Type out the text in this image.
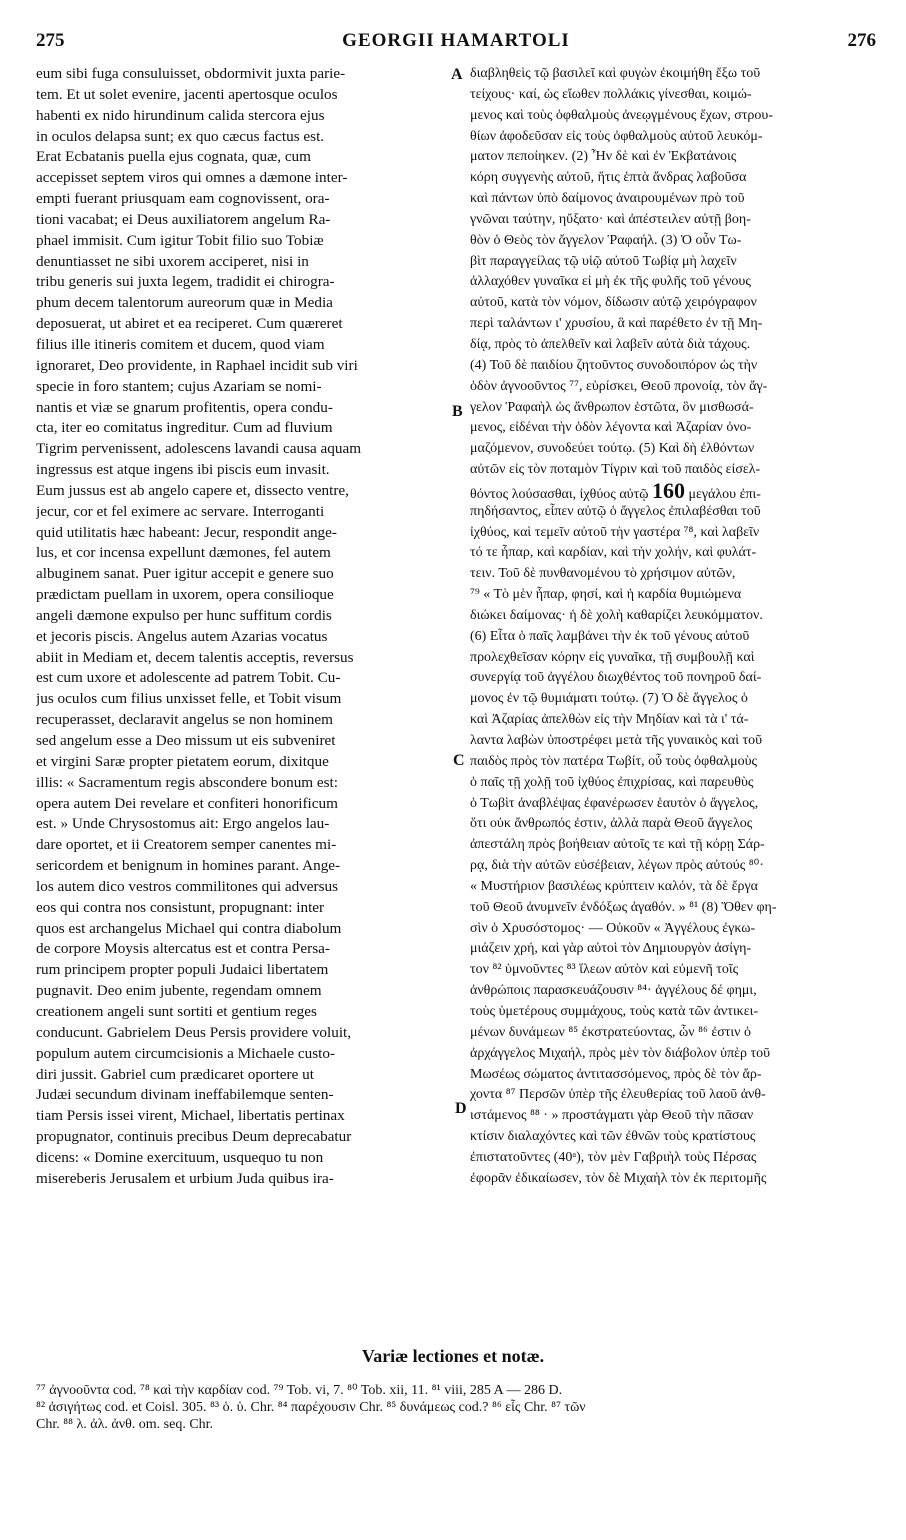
275	GEORGII HAMARTOLI	276
eum sibi fuga consuluisset, obdormivit juxta parie-
tem. Et ut solet evenire, jacenti apertosque oculos
habenti ex nido hirundinum calida stercora ejus
in oculos delapsa sunt; ex quo cæcus factus est.
Erat Ecbatanis puella ejus cognata, quæ, cum
accepisset septem viros qui omnes a dæmone inter-
empti fuerant priusquam eam cognovissent, ora-
tioni vacabat; ei Deus auxiliatorem angelum Ra-
phael immisit. Cum igitur Tobit filio suo Tobiæ
denuntiasset ne sibi uxorem acciperet, nisi in
tribu generis sui juxta legem, tradidit ei chirogra-
phum decem talentorum aureorum quæ in Media
deposuerat, ut abiret et ea reciperet. Cum quæreret
filius ille itineris comitem et ducem, quod viam
ignoraret, Deo providente, in Raphael incidit sub viri
specie in foro stantem; cujus Azariam se nomi-
nantis et viæ se gnarum profitentis, opera condu-
cta, iter eo comitatus ingreditur. Cum ad fluvium
Tigrim pervenissent, adolescens lavandi causa aquam
ingressus est atque ingens ibi piscis eum invasit.
Eum jussus est ab angelo capere et, dissecto ventre,
jecur, cor et fel eximere ac servare. Interroganti
quid utilitatis hæc habeant: Jecur, respondit ange-
lus, et cor incensa expellunt dæmones, fel autem
albuginem sanat. Puer igitur accepit e genere suo
prædictam puellam in uxorem, opera consilioque
angeli dæmone expulso per hunc suffitum cordis
et jecoris piscis. Angelus autem Azarias vocatus
abiit in Mediam et, decem talentis acceptis, reversus
est cum uxore et adolescente ad patrem Tobit. Cu-
jus oculos cum filius unxisset felle, et Tobit visum
recuperasset, declaravit angelus se non hominem
sed angelum esse a Deo missum ut eis subveniret
et virgini Saræ propter pietatem eorum, dixitque
illis: « Sacramentum regis abscondere bonum est:
opera autem Dei revelare et confiteri honorificum
est. » Unde Chrysostomus ait: Ergo angelos lau-
dare oportet, et ii Creatorem semper canentes mi-
sericordem et benignum in homines parant. Ange-
los autem dico vestros commilitones qui adversus
eos qui contra nos consistunt, propugnant: inter
quos est archangelus Michael qui contra diabolum
de corpore Moysis altercatus est et contra Persa-
rum principem propter populi Judaici libertatem
pugnavit. Deo enim jubente, regendam omnem
creationem angeli sunt sortiti et gentium reges
conducunt. Gabrielem Deus Persis providere voluit,
populum autem circumcisionis a Michaele custo-
diri jussit. Gabriel cum prædicaret oportere ut
Judæi secundum divinam ineffabilemque senten-
tiam Persis issei virent, Michael, libertatis pertinax
propugnator, continuis precibus Deum deprecabatur
dicens: « Domine exercituum, usquequo tu non
misereberis Jerusalem et urbium Juda quibus ira-
διαβληθεὶς τῷ βασιλεῖ καὶ φυγὼν ἐκοιμήθη ἔξω τοῦ
τείχους· καί, ὡς εἴωθεν πολλάκις γίνεσθαι, κοιμώ-
μενος καὶ τοὺς ὀφθαλμοὺς ἀνεῳγμένους ἔχων, στρου-
θίων ἀφοδεῦσαν εἰς τοὺς ὀφθαλμοὺς αὐτοῦ λευκόμ-
ματον πεποίηκεν. (2) Ἦν δὲ καὶ ἐν Ἐκβατάνοις
κόρη συγγενὴς αὐτοῦ, ἥτις ἑπτὰ ἄνδρας λαβοῦσα
καὶ πάντων ὑπὸ δαίμονος ἀναιρουμένων πρὸ τοῦ
γνῶναι ταύτην, ηὔξατο· καὶ ἀπέστειλεν αὐτῇ βοη-
θὸν ὁ Θεὸς τὸν ἄγγελον Ῥαφαήλ. (3) Ὁ οὖν Τω-
βὶτ παραγγείλας τῷ υἱῷ αὐτοῦ Τωβίᾳ μὴ λαχεῖν
ἀλλαχόθεν γυναῖκα εἰ μὴ ἐκ τῆς φυλῆς τοῦ γένους
αὐτοῦ, κατὰ τὸν νόμον, δίδωσιν αὐτῷ χειρόγραφον
περὶ ταλάντων ι' χρυσίου, ἃ καὶ παρέθετο ἐν τῇ Μη-
δίᾳ, πρὸς τὸ ἀπελθεῖν καὶ λαβεῖν αὐτὰ διὰ τάχους.
(4) Τοῦ δὲ παιδίου ζητοῦντος συνοδοιπόρον ὡς τὴν
ὁδὸν ἀγνοοῦντος ⁷⁷, εὑρίσκει, Θεοῦ προνοίᾳ, τὸν ἄγ-
γελον Ῥαφαὴλ ὡς ἄνθρωπον ἑστῶτα, ὃν μισθωσά-
μενος, εἰδέναι τὴν ὁδὸν λέγοντα καὶ Ἀζαρίαν ὀνο-
μαζόμενον, συνοδεύει τούτῳ. (5) Καὶ δὴ ἐλθόντων
αὐτῶν εἰς τὸν ποταμὸν Τίγριν καὶ τοῦ παιδὸς εἰσελ-
θόντος λούσασθαι, ἰχθύος αὐτῷ 160 μεγάλου ἐπι-
πηδήσαντος, εἶπεν αὐτῷ ὁ ἄγγελος ἐπιλαβέσθαι τοῦ
ἰχθύος, καὶ τεμεῖν αὐτοῦ τὴν γαστέρα ⁷⁸, καὶ λαβεῖν
τό τε ἧπαρ, καὶ καρδίαν, καὶ τὴν χολήν, καὶ φυλάτ-
τειν. Τοῦ δὲ πυνθανομένου τὸ χρήσιμον αὐτῶν,
⁷⁹ « Τὸ μὲν ἧπαρ, φησί, καὶ ἡ καρδία θυμιώμενα
διώκει δαίμονας· ἡ δὲ χολὴ καθαρίζει λευκόμματον.
(6) Εἶτα ὁ παῖς λαμβάνει τὴν ἐκ τοῦ γένους αὐτοῦ
προλεχθεῖσαν κόρην εἰς γυναῖκα, τῇ συμβουλῇ καὶ
συνεργίᾳ τοῦ ἀγγέλου διωχθέντος τοῦ πονηροῦ δαί-
μονος ἐν τῷ θυμιάματι τούτῳ. (7) Ὁ δὲ ἄγγελος ὁ
καὶ Ἀζαρίας ἀπελθὼν εἰς τὴν Μηδίαν καὶ τὰ ι' τά-
λαντα λαβὼν ὑποστρέφει μετὰ τῆς γυναικὸς καὶ τοῦ
παιδὸς πρὸς τὸν πατέρα Τωβίτ, οὗ τοὺς ὀφθαλμοὺς
ὁ παῖς τῇ χολῇ τοῦ ἰχθύος ἐπιχρίσας, καὶ παρευθὺς
ὁ Τωβὶτ ἀναβλέψας ἐφανέρωσεν ἑαυτὸν ὁ ἄγγελος,
ὅτι οὐκ ἄνθρωπός ἐστιν, ἀλλὰ παρὰ Θεοῦ ἄγγελος
ἀπεστάλη πρὸς βοήθειαν αὐτοῖς τε καὶ τῇ κόρῃ Σάρ-
ρᾳ, διὰ τὴν αὐτῶν εὐσέβειαν, λέγων πρὸς αὐτούς ⁸⁰·
« Μυστήριον βασιλέως κρύπτειν καλόν, τὰ δὲ ἔργα
τοῦ Θεοῦ ἀνυμνεῖν ἐνδόξως ἀγαθόν. » ⁸¹ (8) Ὅθεν φη-
σὶν ὁ Χρυσόστομος· — Οὐκοῦν « Ἀγγέλους ἐγκω-
μιάζειν χρή, καὶ γὰρ αὐτοὶ τὸν Δημιουργὸν ἀσίγη-
τον ⁸² ὑμνοῦντες ⁸³ ἵλεων αὐτὸν καὶ εὐμενῆ τοῖς
ἀνθρώποις παρασκευάζουσιν ⁸⁴· ἀγγέλους δέ φημι,
τοὺς ὑμετέρους συμμάχους, τοὺς κατὰ τῶν ἀντικει-
μένων δυνάμεων ⁸⁵ ἐκστρατεύοντας, ὧν ⁸⁶ ἐστιν ὁ
ἀρχάγγελος Μιχαήλ, πρὸς μὲν τὸν διάβολον ὑπὲρ τοῦ
Μωσέως σώματος ἀντιτασσόμενος, πρὸς δὲ τὸν ἄρ-
χοντα ⁸⁷ Περσῶν ὑπὲρ τῆς ἐλευθερίας τοῦ λαοῦ ἀνθ-
ιστάμενος ⁸⁸ · » προστάγματι γὰρ Θεοῦ τὴν πᾶσαν
κτίσιν διαλαχόντες καὶ τῶν ἐθνῶν τοὺς κρατίστους
ἐπιστατοῦντες (40ᵃ), τὸν μὲν Γαβριὴλ τοὺς Πέρσας
ἐφορᾶν ἐδικαίωσεν, τὸν δὲ Μιχαὴλ τὸν ἐκ περιτομῆς
A
B
C
D
Variæ lectiones et notæ.
⁷⁷ ἀγνοοῦντα cod. ⁷⁸ καὶ τὴν καρδίαν cod. ⁷⁹ Tob. vi, 7. ⁸⁰ Tob. xii, 11. ⁸¹ viii, 285 A — 286 D.
⁸² ἀσιγήτως cod. et Coisl. 305. ⁸³ ὁ. ὑ. Chr. ⁸⁴ παρέχουσιν Chr. ⁸⁵ δυνάμεως cod.? ⁸⁶ εἷς Chr. ⁸⁷ τῶν
Chr. ⁸⁸ λ. ἀλ. ἀνθ. om. seq. Chr.
